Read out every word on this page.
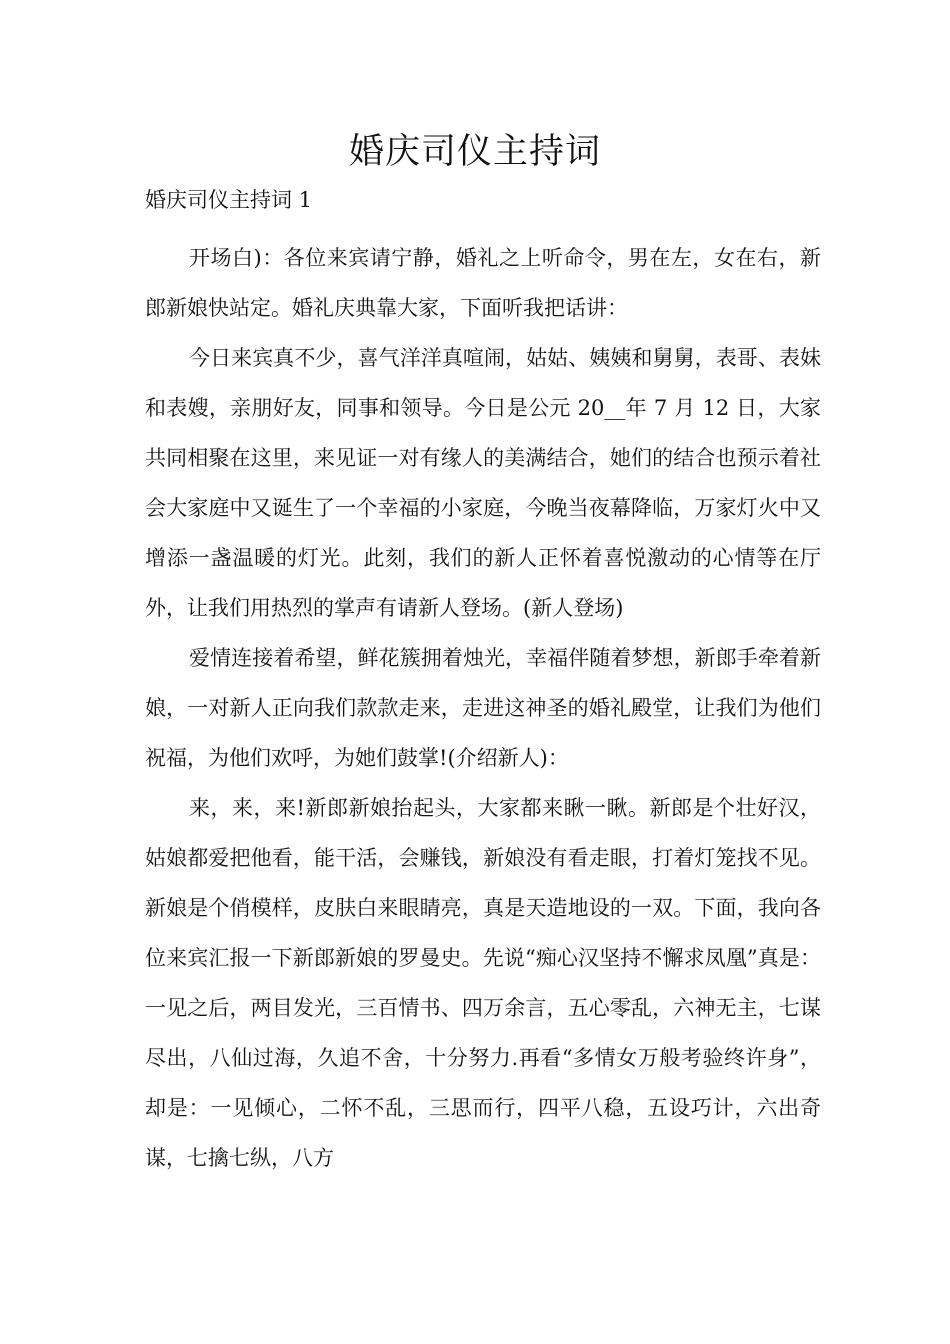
婚庆司仪主持词

婚庆司仪主持词 1

开场白)：各位来宾请宁静，婚礼之上听命令，男在左，女在右，新郎新娘快站定。婚礼庆典靠大家，下面听我把话讲：

今日来宾真不少，喜气洋洋真喧闹，姑姑、姨姨和舅舅，表哥、表妹和表嫂，亲朋好友，同事和领导。今日是公元 20__年 7 月 12 日，大家共同相聚在这里，来见证一对有缘人的美满结合，她们的结合也预示着社会大家庭中又诞生了一个幸福的小家庭，今晚当夜幕降临，万家灯火中又增添一盏温暖的灯光。此刻，我们的新人正怀着喜悦激动的心情等在厅外，让我们用热烈的掌声有请新人登场。(新人登场)

爱情连接着希望，鲜花簇拥着烛光，幸福伴随着梦想，新郎手牵着新娘，一对新人正向我们款款走来，走进这神圣的婚礼殿堂，让我们为他们祝福，为他们欢呼，为她们鼓掌!(介绍新人)：

来，来，来!新郎新娘抬起头，大家都来瞅一瞅。新郎是个壮好汉，姑娘都爱把他看，能干活，会赚钱，新娘没有看走眼，打着灯笼找不见。新娘是个俏模样，皮肤白来眼睛亮，真是天造地设的一双。下面，我向各位来宾汇报一下新郎新娘的罗曼史。先说“痴心汉坚持不懈求凤凰”真是：一见之后，两目发光，三百情书、四万余言，五心零乱，六神无主，七谋尽出，八仙过海，久追不舍，十分努力.再看“多情女万般考验终许身”，却是：一见倾心，二怀不乱，三思而行，四平八稳，五设巧计，六出奇谋，七擒七纵，八方
